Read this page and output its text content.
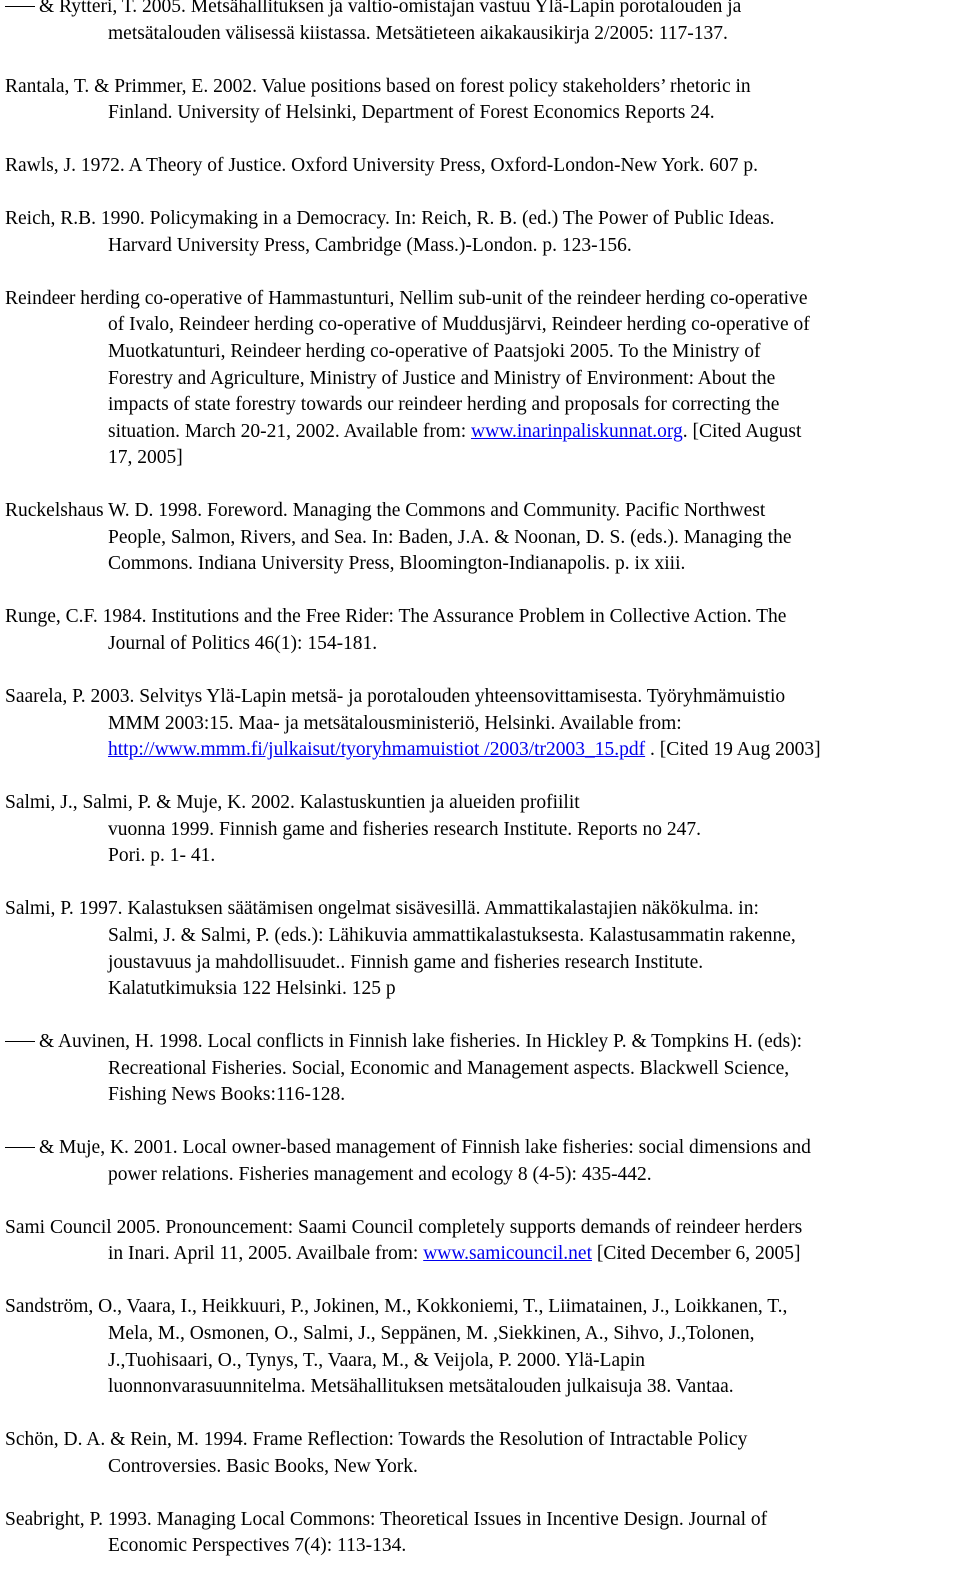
& Rytteri, T. 2005. Metsähallituksen ja valtio-omistajan vastuu Ylä-Lapin porotalouden ja
metsätalouden välisessä kiistassa. Metsätieteen aikakausikirja 2/2005: 117-137.
Rantala, T. & Primmer, E. 2002. Value positions based on forest policy stakeholders’ rhetoric in
Finland. University of Helsinki, Department of Forest Economics Reports 24.
Rawls, J. 1972. A Theory of Justice. Oxford University Press, Oxford-London-New York. 607 p.
Reich, R.B. 1990. Policymaking in a Democracy. In: Reich, R. B. (ed.) The Power of Public Ideas.
Harvard University Press, Cambridge (Mass.)-London. p. 123-156.
Reindeer herding co-operative of Hammastunturi, Nellim sub-unit of the reindeer herding co-operative
of Ivalo, Reindeer herding co-operative of Muddusjärvi, Reindeer herding co-operative of
Muotkatunturi, Reindeer herding co-operative of Paatsjoki 2005. To the Ministry of
Forestry and Agriculture, Ministry of Justice and Ministry of Environment: About the
impacts of state forestry towards our reindeer herding and proposals for correcting the
situation. March 20-21, 2002. Available from: www.inarinpaliskunnat.org. [Cited August
17, 2005]
Ruckelshaus W. D. 1998. Foreword. Managing the Commons and Community. Pacific Northwest
People, Salmon, Rivers, and Sea. In: Baden, J.A. & Noonan, D. S. (eds.). Managing the
Commons. Indiana University Press, Bloomington-Indianapolis. p. ix xiii.
Runge, C.F. 1984. Institutions and the Free Rider: The Assurance Problem in Collective Action. The
Journal of Politics 46(1): 154-181.
Saarela, P. 2003. Selvitys Ylä-Lapin metsä- ja porotalouden yhteensovittamisesta. Työryhmämuistio
MMM 2003:15. Maa- ja metsätalousministeriö, Helsinki. Available from:
http://www.mmm.fi/julkaisut/tyoryhmamuistiot /2003/tr2003_15.pdf . [Cited 19 Aug 2003]
Salmi, J., Salmi, P. & Muje, K. 2002. Kalastuskuntien ja alueiden profiilit
vuonna 1999. Finnish game and fisheries research Institute. Reports no 247.
Pori. p. 1- 41.
Salmi, P. 1997. Kalastuksen säätämisen ongelmat sisävesillä. Ammattikalastajien näkökulma. in:
Salmi, J. & Salmi, P. (eds.): Lähikuvia ammattikalastuksesta. Kalastusammatin rakenne,
joustavuus ja mahdollisuudet.. Finnish game and fisheries research Institute.
Kalatutkimuksia 122 Helsinki. 125 p
& Auvinen, H. 1998. Local conflicts in Finnish lake fisheries. In Hickley P. & Tompkins H. (eds):
Recreational Fisheries. Social, Economic and Management aspects. Blackwell Science,
Fishing News Books:116-128.
& Muje, K. 2001. Local owner-based management of Finnish lake fisheries: social dimensions and
power relations. Fisheries management and ecology 8 (4-5): 435-442.
Sami Council 2005. Pronouncement: Saami Council completely supports demands of reindeer herders
in Inari. April 11, 2005. Availbale from: www.samicouncil.net [Cited December 6, 2005]
Sandström, O., Vaara, I., Heikkuuri, P., Jokinen, M., Kokkoniemi, T., Liimatainen, J., Loikkanen, T.,
Mela, M., Osmonen, O., Salmi, J., Seppänen, M. ,Siekkinen, A., Sihvo, J.,Tolonen,
J.,Tuohisaari, O., Tynys, T., Vaara, M., & Veijola, P. 2000. Ylä-Lapin
luonnonvarasuunnitelma. Metsähallituksen metsätalouden julkaisuja 38. Vantaa.
Schön, D. A. & Rein, M. 1994. Frame Reflection: Towards the Resolution of Intractable Policy
Controversies. Basic Books, New York.
Seabright, P. 1993. Managing Local Commons: Theoretical Issues in Incentive Design. Journal of
Economic Perspectives 7(4): 113-134.
